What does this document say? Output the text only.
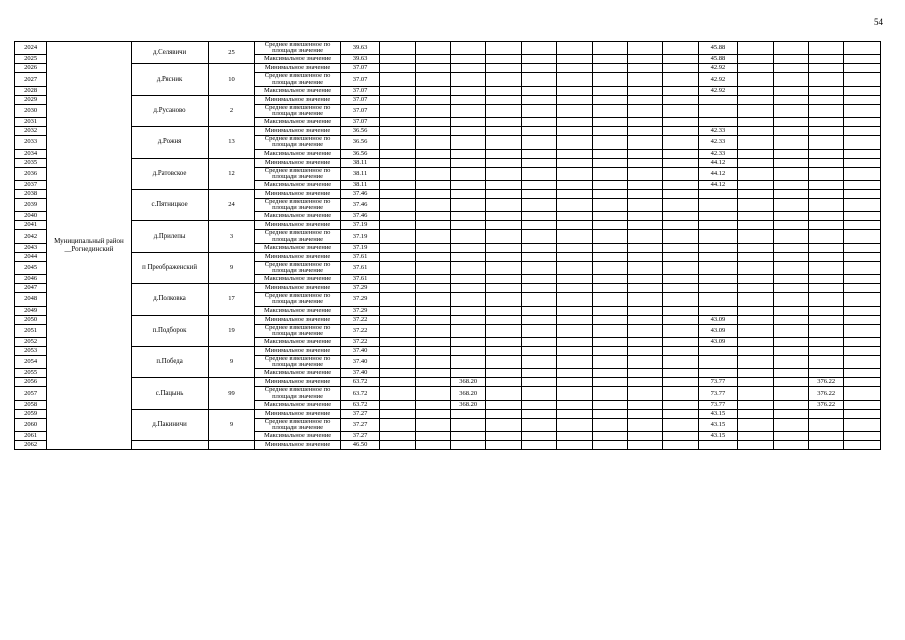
54
2024	Муниципальный район __Рогнединский	д.Селявичи	25	Среднее взвешенное по площади значение	39.63										45.88				
2025				Максимальное значение	39.63										45.88				
2026		д.Рясник	10	Минимальное значение	37.07										42.92				
2027				Среднее взвешенное по площади значение	37.07										42.92				
2028				Максимальное значение	37.07										42.92				
2029		д.Русаново	2	Минимальное значение	37.07														
2030				Среднее взвешенное по площади значение	37.07														
2031				Максимальное значение	37.07														
2032		д.Рожня	13	Минимальное значение	36.56										42.33				
2033				Среднее взвешенное по площади значение	36.56										42.33				
2034				Максимальное значение	36.56										42.33				
2035		д.Ратовское	12	Минимальное значение	38.11										44.12				
2036				Среднее взвешенное по площади значение	38.11										44.12				
2037				Максимальное значение	38.11										44.12				
2038		с.Пятницкое	24	Минимальное значение	37.46														
2039				Среднее взвешенное по площади значение	37.46														
2040				Максимальное значение	37.46														
2041		д.Прилепы	3	Минимальное значение	37.19														
2042				Среднее взвешенное по площади значение	37.19														
2043				Максимальное значение	37.19														
2044		п Преображенский	9	Минимальное значение	37.61														
2045				Среднее взвешенное по площади значение	37.61														
2046				Максимальное значение	37.61														
2047		д.Полковка	17	Минимальное значение	37.29														
2048				Среднее взвешенное по площади значение	37.29														
2049				Максимальное значение	37.29														
2050		п.Подборок	19	Минимальное значение	37.22										43.09				
2051				Среднее взвешенное по площади значение	37.22										43.09				
2052				Максимальное значение	37.22										43.09				
2053		п.Победа	9	Минимальное значение	37.40														
2054				Среднее взвешенное по площади значение	37.40														
2055				Максимальное значение	37.40														
2056		с.Пацынь	99	Минимальное значение	63.72			368.20							73.77			376.22	
2057				Среднее взвешенное по площади значение	63.72			368.20							73.77			376.22	
2058				Максимальное значение	63.72			368.20							73.77			376.22	
2059		д.Пакиничи	9	Минимальное значение	37.27										43.15				
2060				Среднее взвешенное по площади значение	37.27										43.15				
2061				Максимальное значение	37.27										43.15				
2062				Минимальное значение	46.50														
